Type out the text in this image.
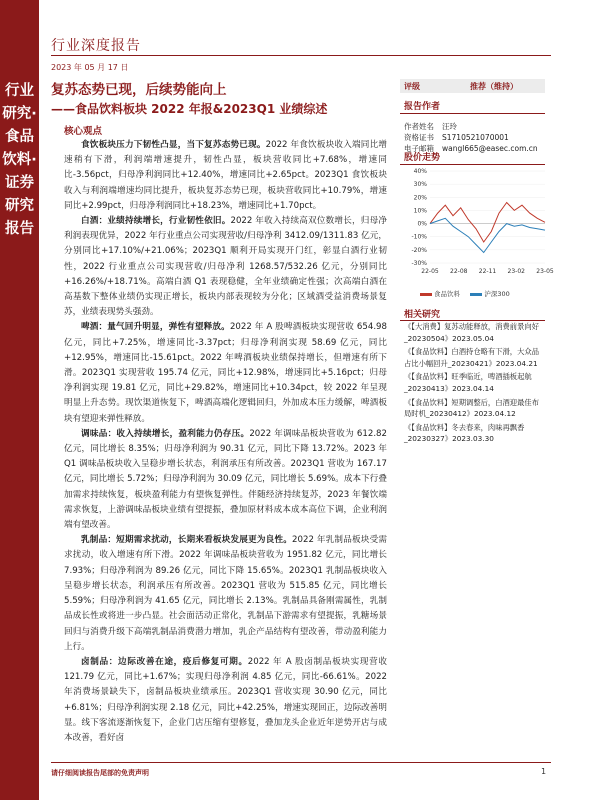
行业研究·食品饮料·证券研究报告
行业深度报告
2023 年 05 月 17 日
复苏态势已现，后续势能向上
——食品饮料板块 2022 年报&2023Q1 业绩综述
核心观点

食饮板块压力下韧性凸显，当下复苏态势已现。2022 年食饮板块收入端同比增速稍有下滑，利润端增速提升，韧性凸显，板块营收同比+7.68%，增速同比-3.56pct，归母净利润同比+12.40%，增速同比+2.65pct。2023Q1 食饮板块收入与利润端增速均同比提升，板块复苏态势已现，板块营收同比+10.79%，增速同比+2.99pct，归母净利润同比+18.23%，增速同比+1.70pct。

白酒：业绩持续增长，行业韧性依旧。2022 年收入持续高双位数增长，归母净利润表现优异，2022 年行业重点公司实现营收/归母净利 3412.09/1311.83 亿元，分别同比+17.10%/+21.06%；2023Q1 顺利开局实现开门红，彰显白酒行业韧性，2022 行业重点公司实现营收/归母净利 1268.57/532.26 亿元，分别同比+16.26%/+18.71%。高端白酒 Q1 表现稳健，全年业绩确定性强；次高端白酒在高基数下整体业绩仍实现正增长，板块内部表现较为分化；区域酒受益消费场景复苏，业绩表现势头强劲。

啤酒：量气回升明显，弹性有望释放。2022 年 A 股啤酒板块实现营收 654.98 亿元，同比+7.25%，增速同比-3.37pct；归母净利润实现 58.69 亿元，同比+12.95%，增速同比-15.61pct。2022 年啤酒板块业绩保持增长，但增速有所下滑。2023Q1 实现营收 195.74 亿元，同比+12.98%，增速同比+5.16pct；归母净利润实现 19.81 亿元，同比+29.82%，增速同比+10.34pct，较 2022 年呈现明显上升态势。现饮渠道恢复下，啤酒高端化逻辑回归，外加成本压力缓解，啤酒板块有望迎来弹性释放。

调味品：收入持续增长，盈利能力仍存压。2022 年调味品板块营收为 612.82 亿元，同比增长 8.35%；归母净利润为 90.31 亿元，同比下降 13.72%。2023 年 Q1 调味品板块收入呈稳步增长状态，利润承压有所改善。2023Q1 营收为 167.17 亿元，同比增长 5.72%；归母净利润为 30.09 亿元，同比增长 5.69%。成本下行叠加需求持续恢复，板块盈利能力有望恢复弹性。伴随经济持续复苏，2023 年餐饮端需求恢复，上游调味品板块业绩有望提振，叠加原材料成本成本高位下调，企业利润端有望改善。

乳制品：短期需求扰动，长期来看板块发展更为良性。2022 年乳制品板块受需求扰动，收入增速有所下滑。2022 年调味品板块营收为 1951.82 亿元，同比增长 7.93%；归母净利润为 89.26 亿元，同比下降 15.65%。2023Q1 乳制品板块收入呈稳步增长状态，利润承压有所改善。2023Q1 营收为 515.85 亿元，同比增长 5.59%；归母净利润为 41.65 亿元，同比增长 2.13%。乳制品具备刚需属性，乳制品成长性或将进一步凸显。社会面活动正常化，乳制品下游需求有望提振，乳糖场景回归与消费升级下高端乳制品消费潜力增加，乳企产品结构有望改善，带动盈利能力上行。

卤制品：边际改善在途，疫后修复可期。2022 年 A 股卤制品板块实现营收 121.79 亿元，同比+1.67%；实现归母净利润 4.85 亿元，同比-66.61%。2022 年消费场景缺失下，卤制品板块业绩承压。2023Q1 营收实现 30.90 亿元，同比+6.81%；归母净利润实现 2.18 亿元，同比+42.25%，增速实现回正，边际改善明显。线下客流逐渐恢复下，企业门店压缩有望修复，叠加龙头企业近年逆势开店与成本改善，看好卤

评级	推荐（维持）
报告作者
作者姓名	汪玲
资格证书	S1710521070001
电子邮箱	wangl665@easec.com.cn
股价走势
40%
30%
20%
10%
0%
-10%
-20%
-30%
22-05 22-08 22-11 23-02 23-05
食品饮料	沪深300
相关研究
《【大消费】复苏动能释放，消费前景向好_20230504》2023.05.04
《【食品饮料】白酒持仓略有下滑，大众品占比小幅回升_20230421》2023.04.21
《【食品饮料】旺季临近，啤酒插板起航_20230413》2023.04.14
《【食品饮料】短期调整后，白酒迎最佳布局时机_20230412》2023.04.12
《【食品饮料】冬去春来，肉味再飘香_20230327》2023.03.30
请仔细阅读报告尾部的免责声明	1
